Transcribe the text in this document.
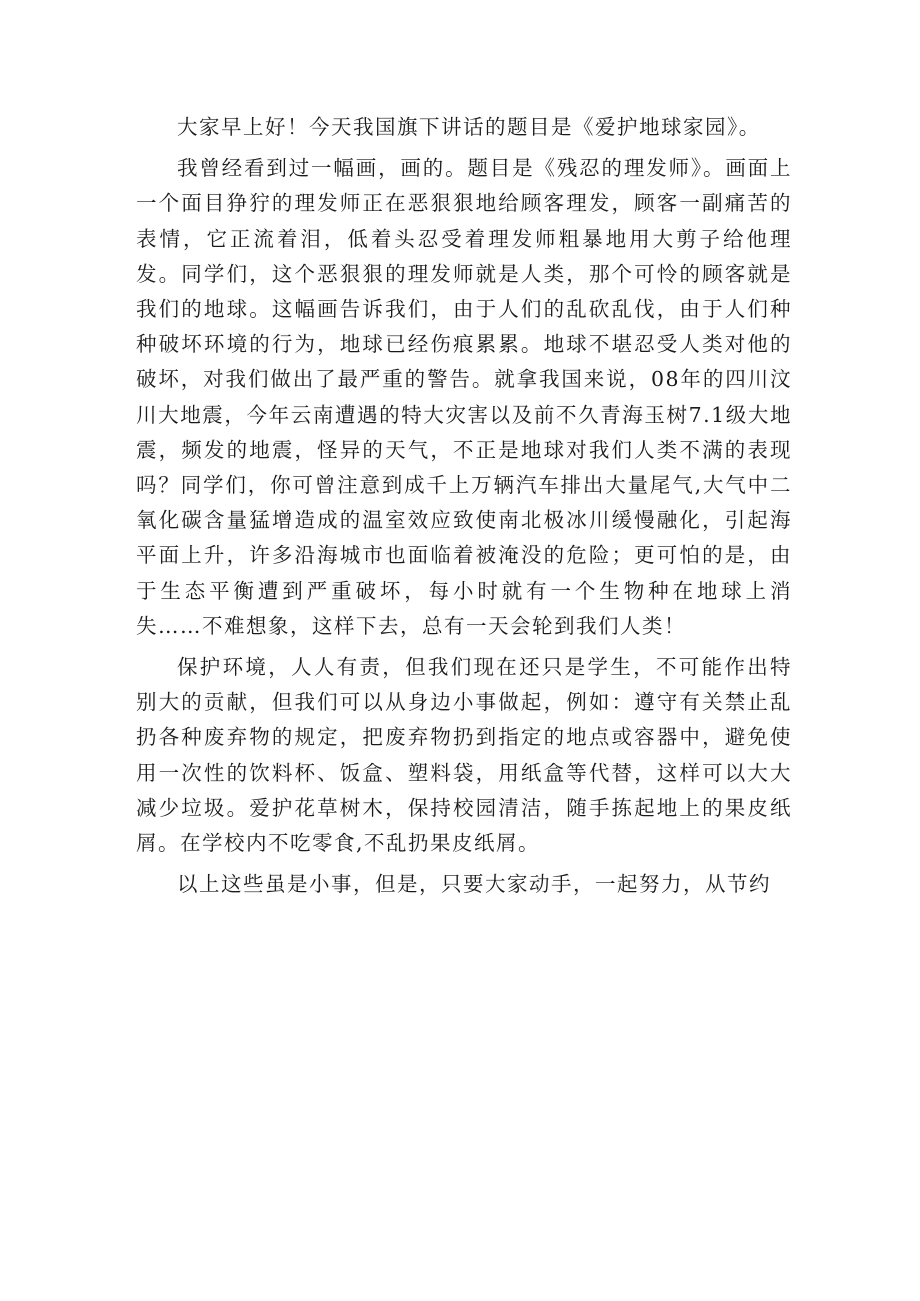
大家早上好！今天我国旗下讲话的题目是《爱护地球家园》。

我曾经看到过一幅画，画的。题目是《残忍的理发师》。画面上一个面目狰狞的理发师正在恶狠狠地给顾客理发，顾客一副痛苦的表情，它正流着泪，低着头忍受着理发师粗暴地用大剪子给他理发。同学们，这个恶狠狠的理发师就是人类，那个可怜的顾客就是我们的地球。这幅画告诉我们，由于人们的乱砍乱伐，由于人们种种破坏环境的行为，地球已经伤痕累累。地球不堪忍受人类对他的破坏，对我们做出了最严重的警告。就拿我国来说，08年的四川汶川大地震，今年云南遭遇的特大灾害以及前不久青海玉树7.1级大地震，频发的地震，怪异的天气，不正是地球对我们人类不满的表现吗？同学们，你可曾注意到成千上万辆汽车排出大量尾气,大气中二氧化碳含量猛增造成的温室效应致使南北极冰川缓慢融化，引起海平面上升，许多沿海城市也面临着被淹没的危险；更可怕的是，由于生态平衡遭到严重破坏，每小时就有一个生物种在地球上消失……不难想象，这样下去，总有一天会轮到我们人类！

保护环境，人人有责，但我们现在还只是学生，不可能作出特别大的贡献，但我们可以从身边小事做起，例如：遵守有关禁止乱扔各种废弃物的规定，把废弃物扔到指定的地点或容器中，避免使用一次性的饮料杯、饭盒、塑料袋，用纸盒等代替，这样可以大大减少垃圾。爱护花草树木，保持校园清洁，随手拣起地上的果皮纸屑。在学校内不吃零食,不乱扔果皮纸屑。

以上这些虽是小事，但是，只要大家动手，一起努力，从节约
